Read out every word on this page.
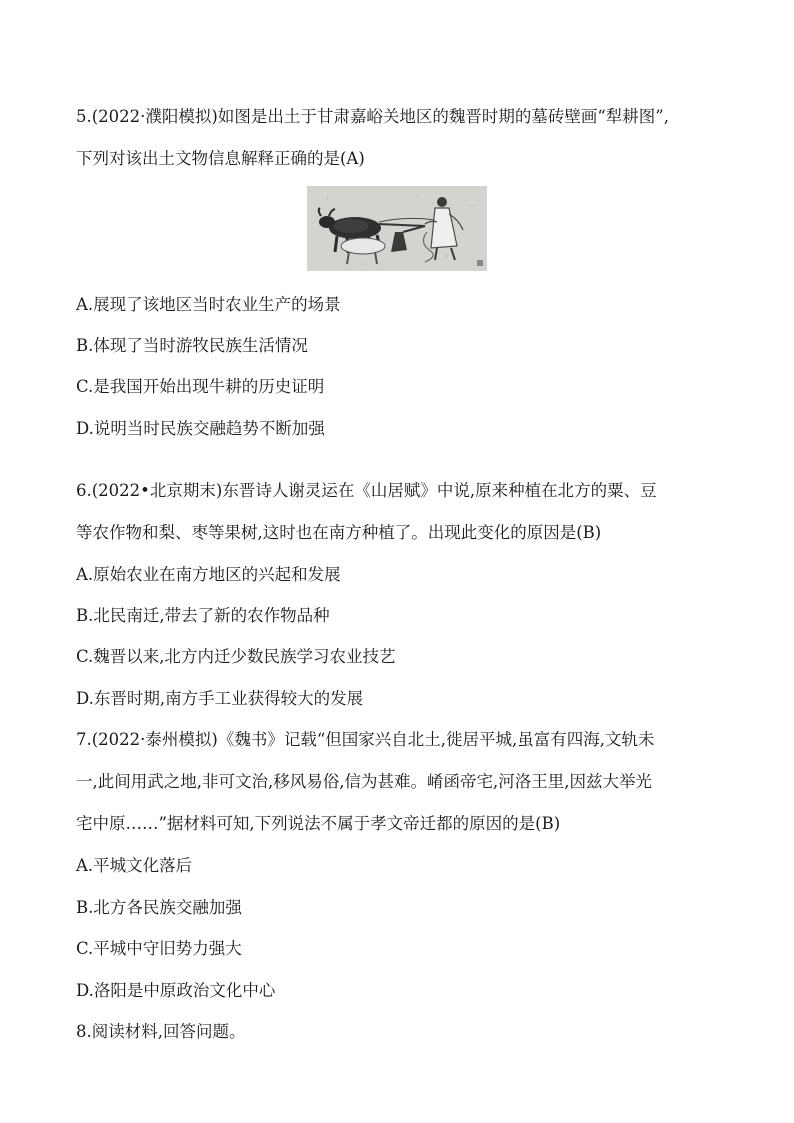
5.(2022·濮阳模拟)如图是出土于甘肃嘉峪关地区的魏晋时期的墓砖壁画“犁耕图”,
下列对该出土文物信息解释正确的是(A)
A.展现了该地区当时农业生产的场景
B.体现了当时游牧民族生活情况
C.是我国开始出现牛耕的历史证明
D.说明当时民族交融趋势不断加强
6.(2022•北京期末)东晋诗人谢灵运在《山居赋》中说,原来种植在北方的粟、豆
等农作物和梨、枣等果树,这时也在南方种植了。出现此变化的原因是(B)
A.原始农业在南方地区的兴起和发展
B.北民南迁,带去了新的农作物品种
C.魏晋以来,北方内迁少数民族学习农业技艺
D.东晋时期,南方手工业获得较大的发展
7.(2022·泰州模拟)《魏书》记载“但国家兴自北土,徙居平城,虽富有四海,文轨未
一,此间用武之地,非可文治,移风易俗,信为甚难。崤函帝宅,河洛王里,因兹大举光
宅中原……”据材料可知,下列说法不属于孝文帝迁都的原因的是(B)
A.平城文化落后
B.北方各民族交融加强
C.平城中守旧势力强大
D.洛阳是中原政治文化中心
8.阅读材料,回答问题。
